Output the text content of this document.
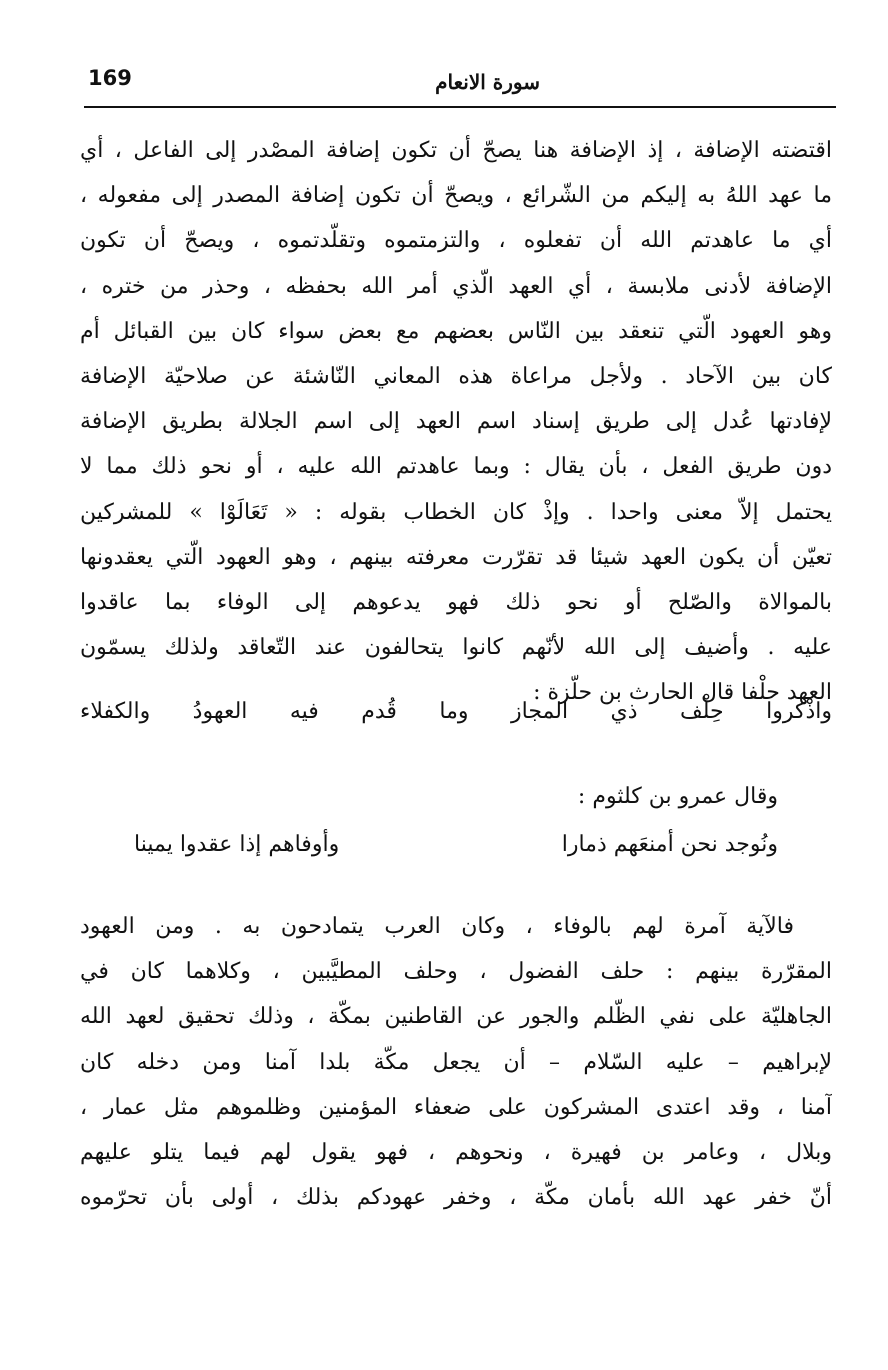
169	سورة الانعام
اقتضته الإضافة ، إذ الإضافة هنا يصحّ أن تكون إضافة المصْدر إلى الفاعل ، أي
ما عهد اللهُ به إليكم من الشّرائع ، ويصحّ أن تكون إضافة المصدر إلى مفعوله ،
أي ما عاهدتم الله أن تفعلوه ، والتزمتموه وتقلّدتموه ، ويصحّ أن تكون
الإضافة لأدنى ملابسة ، أي العهد الّذي أمر الله بحفظه ، وحذر من ختره ،
وهو العهود الّتي تنعقد بين النّاس بعضهم مع بعض سواء كان بين القبائل أم
كان بين الآحاد . ولأجل مراعاة هذه المعاني النّاشئة عن صلاحيّة الإضافة
لإفادتها عُدل إلى طريق إسناد اسم العهد إلى اسم الجلالة بطريق الإضافة
دون طريق الفعل ، بأن يقال : وبما عاهدتم الله عليه ، أو نحو ذلك مما لا
يحتمل إلاّ معنى واحدا . وإذْ كان الخطاب بقوله : « تَعَالَوْا » للمشركين
تعيّن أن يكون العهد شيئا قد تقرّرت معرفته بينهم ، وهو العهود الّتي يعقدونها
بالموالاة والصّلح أو نحو ذلك فهو يدعوهم إلى الوفاء بما عاقدوا
عليه . وأضيف إلى الله لأنّهم كانوا يتحالفون عند التّعاقد ولذلك يسمّون
العهد حلْفا قال الحارث بن حلّزة :
واذْكروا حِلْف ذي المجاز وما قُدم فيه العهودُ والكفلاء
وقال عمرو بن كلثوم :
ونُوجد نحن أمنعَهم ذمارا
وأوفاهم إذا عقدوا يمينا
فالآية آمرة لهم بالوفاء ، وكان العرب يتمادحون به . ومن العهود
المقرّرة بينهم : حلف الفضول ، وحلف المطيَّبين ، وكلاهما كان في
الجاهليّة على نفي الظّلم والجور عن القاطنين بمكّة ، وذلك تحقيق لعهد الله
لإبراهيم – عليه السّلام – أن يجعل مكّة بلدا آمنا ومن دخله كان
آمنا ، وقد اعتدى المشركون على ضعفاء المؤمنين وظلموهم مثل عمار ،
وبلال ، وعامر بن فهيرة ، ونحوهم ، فهو يقول لهم فيما يتلو عليهم
أنّ خفر عهد الله بأمان مكّة ، وخفر عهودكم بذلك ، أولى بأن تحرّموه
